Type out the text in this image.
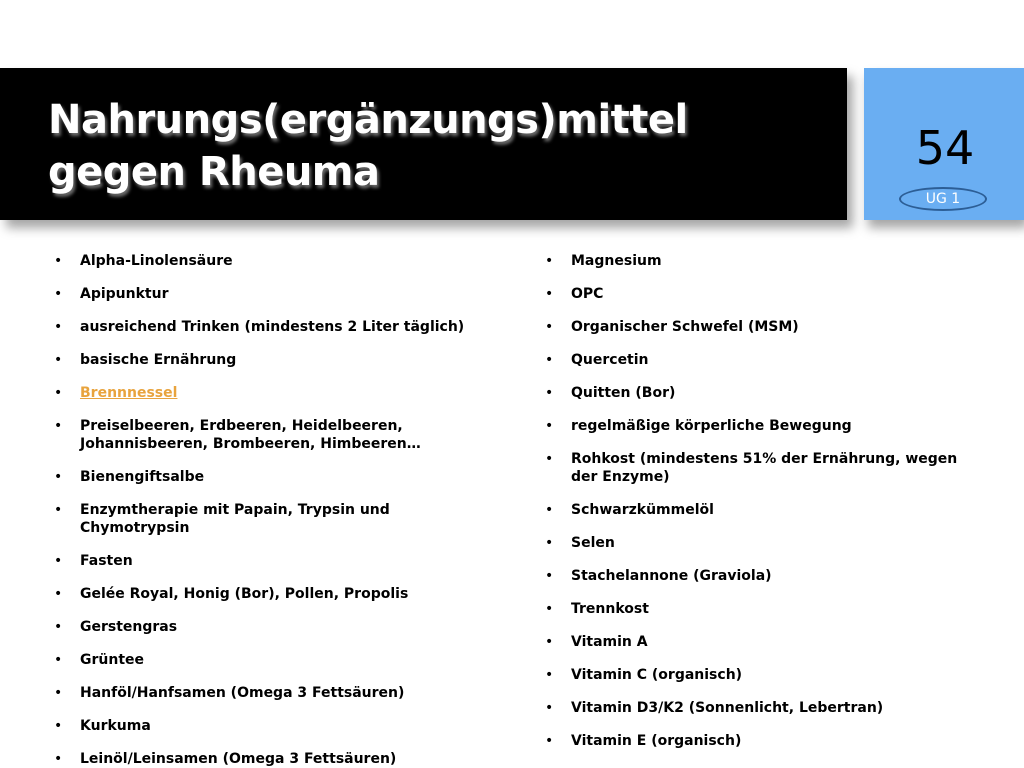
Nahrungs(ergänzungs)mittel gegen Rheuma	54
UG 1
• Alpha-Linolensäure
• Apipunktur
• ausreichend Trinken (mindestens 2 Liter täglich)
• basische Ernährung
• Brennnessel
• Preiselbeeren, Erdbeeren, Heidelbeeren, Johannisbeeren, Brombeeren, Himbeeren…
• Bienengiftsalbe
• Enzymtherapie mit Papain, Trypsin und Chymotrypsin
• Fasten
• Gelée Royal, Honig (Bor), Pollen, Propolis
• Gerstengras
• Grüntee
• Hanföl/Hanfsamen (Omega 3 Fettsäuren)
• Kurkuma
• Leinöl/Leinsamen (Omega 3 Fettsäuren)
• Magnesium
• OPC
• Organischer Schwefel (MSM)
• Quercetin
• Quitten (Bor)
• regelmäßige körperliche Bewegung
• Rohkost (mindestens 51% der Ernährung, wegen der Enzyme)
• Schwarzkümmelöl
• Selen
• Stachelannone (Graviola)
• Trennkost
• Vitamin A
• Vitamin C (organisch)
• Vitamin D3/K2 (Sonnenlicht, Lebertran)
• Vitamin E (organisch)
